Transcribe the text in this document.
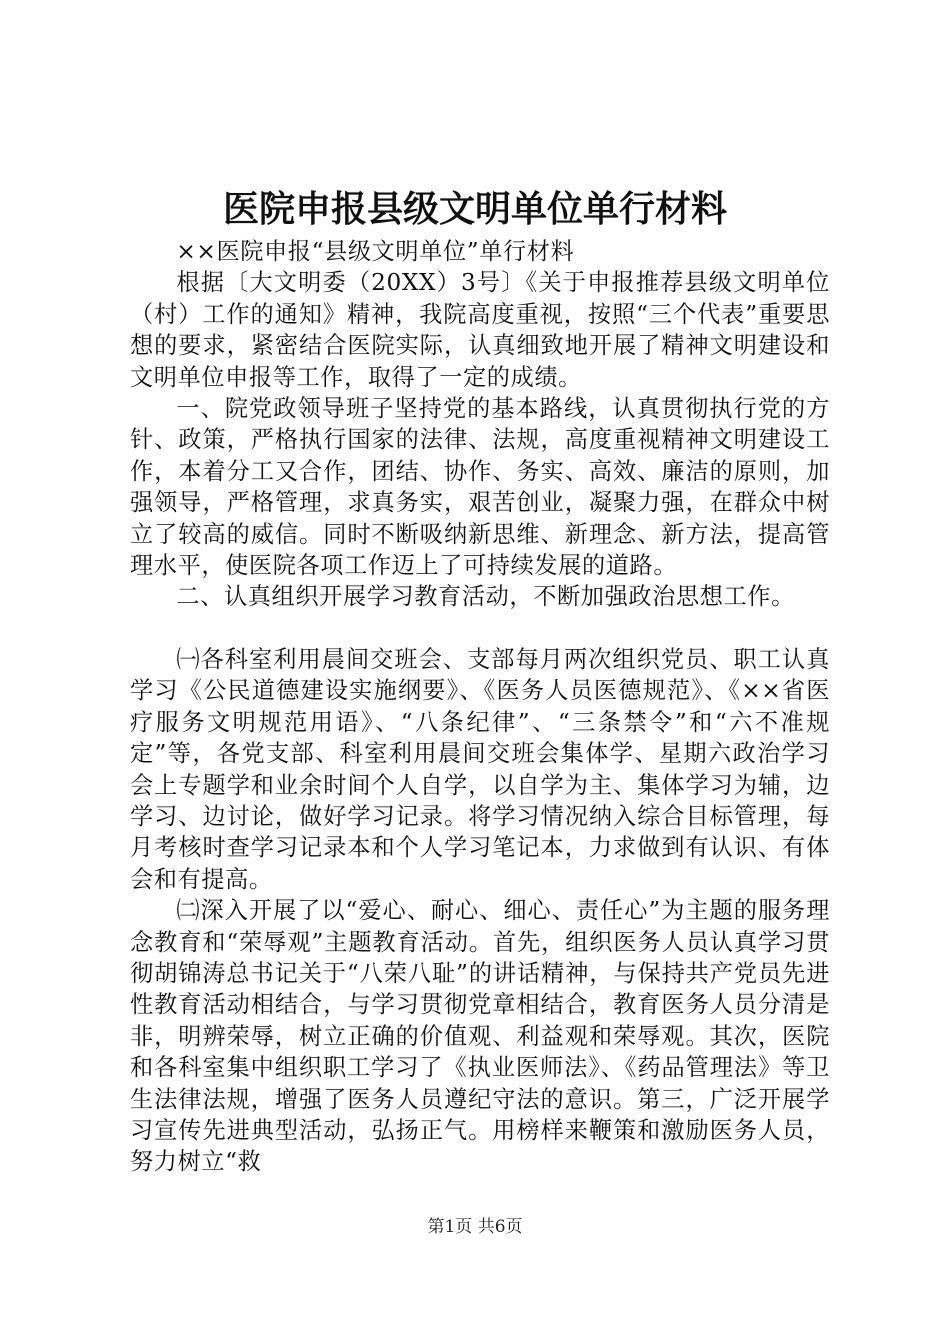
医院申报县级文明单位单行材料

××医院申报“县级文明单位”单行材料

根据〔大文明委（20XX）3号〕《关于申报推荐县级文明单位（村）工作的通知》精神，我院高度重视，按照“三个代表”重要思想的要求，紧密结合医院实际，认真细致地开展了精神文明建设和文明单位申报等工作，取得了一定的成绩。

一、院党政领导班子坚持党的基本路线，认真贯彻执行党的方针、政策，严格执行国家的法律、法规，高度重视精神文明建设工作，本着分工又合作，团结、协作、务实、高效、廉洁的原则，加强领导，严格管理，求真务实，艰苦创业，凝聚力强，在群众中树立了较高的威信。同时不断吸纳新思维、新理念、新方法，提高管理水平，使医院各项工作迈上了可持续发展的道路。

二、认真组织开展学习教育活动，不断加强政治思想工作。

㈠各科室利用晨间交班会、支部每月两次组织党员、职工认真学习《公民道德建设实施纲要》、《医务人员医德规范》、《××省医疗服务文明规范用语》、“八条纪律”、“三条禁令”和“六不准规定”等，各党支部、科室利用晨间交班会集体学、星期六政治学习会上专题学和业余时间个人自学，以自学为主、集体学习为辅，边学习、边讨论，做好学习记录。将学习情况纳入综合目标管理，每月考核时查学习记录本和个人学习笔记本，力求做到有认识、有体会和有提高。

㈡深入开展了以“爱心、耐心、细心、责任心”为主题的服务理念教育和“荣辱观”主题教育活动。首先，组织医务人员认真学习贯彻胡锦涛总书记关于“八荣八耻”的讲话精神，与保持共产党员先进性教育活动相结合，与学习贯彻党章相结合，教育医务人员分清是非，明辨荣辱，树立正确的价值观、利益观和荣辱观。其次，医院和各科室集中组织职工学习了《执业医师法》、《药品管理法》等卫生法律法规，增强了医务人员遵纪守法的意识。第三，广泛开展学习宣传先进典型活动，弘扬正气。用榜样来鞭策和激励医务人员，努力树立“救

第1页 共6页
